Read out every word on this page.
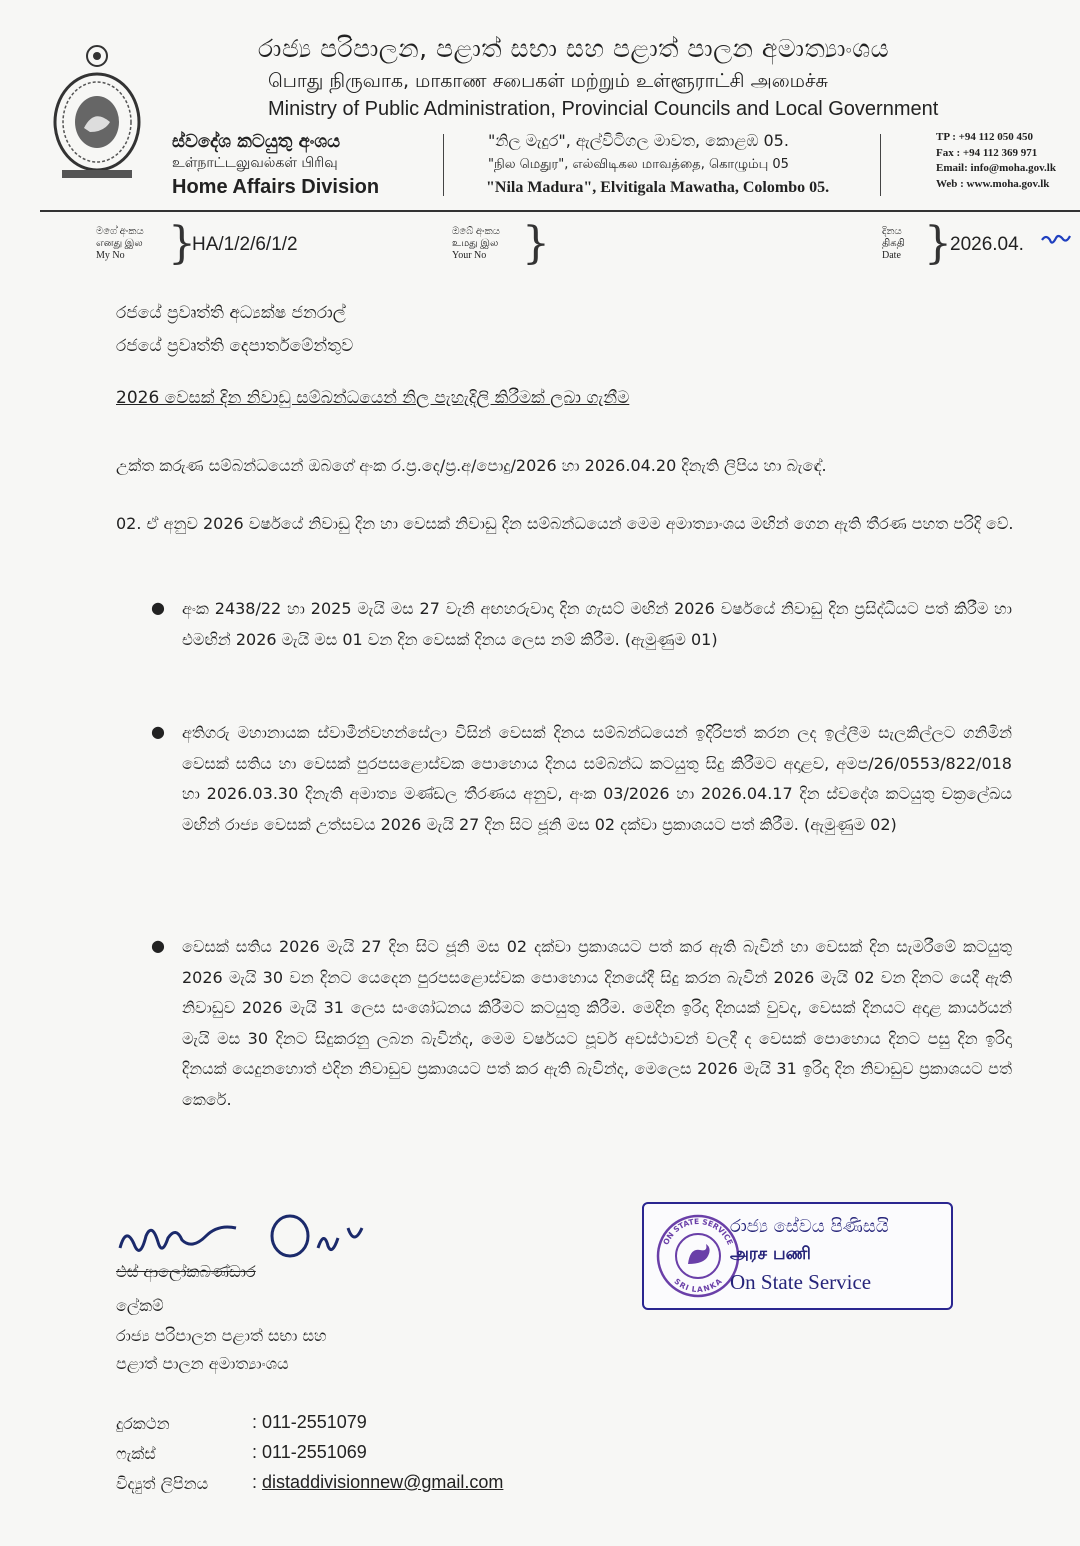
රාජ්‍ය පරිපාලන, පළාත් සභා සහ පළාත් පාලන අමාත්‍යාංශය
பொது நிருவாக, மாகாண சபைகள் மற்றும் உள்ளூராட்சி அமைச்சு
Ministry of Public Administration, Provincial Councils and Local Government
ස්වදේශ කටයුතු අංශය
உள்நாட்டலுவல்கள் பிரிவு
Home Affairs Division
"නිල මැදුර", ඇල්විටිගල මාවත, කොළඹ 05.
"நில மெதுர", எல்விடிகல மாவத்தை, கொழும்பு 05
"Nila Madura", Elvitigala Mawatha, Colombo 05.
TP : +94 112 050 450
Fax : +94 112 369 971
Email: info@moha.gov.lk
Web : www.moha.gov.lk
මගේ අංකය
எனது இல
My No }
HA/1/2/6/1/2
ඔබේ අංකය
உமது இல
Your No }	දිනය
திகதி
Date }
2026.04.
රජයේ ප්‍රවෘත්ති අධ්‍යක්ෂ ජනරාල්
රජයේ ප්‍රවෘත්ති දෙපාර්තමේන්තුව
2026 වෙසක් දින නිවාඩු සම්බන්ධයෙන් නිල පැහැදිලි කිරීමක් ලබා ගැනීම
උක්ත කරුණ සම්බන්ධයෙන් ඔබගේ අංක ර.ප්‍ර.දෙ/ප්‍ර.අ/පොදු/2026 හා 2026.04.20 දිනැති ලිපිය හා බැඳේ.
02. ඒ අනුව 2026 වර්ෂයේ නිවාඩු දින හා වෙසක් නිවාඩු දින සම්බන්ධයෙන් මෙම අමාත්‍යාංශය මඟින් ගෙන ඇති තීරණ පහත පරිදි වේ.
● අංක 2438/22 හා 2025 මැයි මස 27 වැනි අඟහරුවාදා දින ගැසට් මඟින් 2026 වර්ෂයේ නිවාඩු දින ප්‍රසිද්ධියට පත් කිරීම හා එමඟින් 2026 මැයි මස 01 වන දින වෙසක් දිනය ලෙස නම් කිරීම. (ඇමුණුම 01)
● අතිගරු මහානායක ස්වාමීන්වහන්සේලා විසින් වෙසක් දිනය සම්බන්ධයෙන් ඉදිරිපත් කරන ලද ඉල්ලීම සැලකිල්ලට ගනිමින් වෙසක් සතිය හා වෙසක් පුරපසළොස්වක පොහොය දිනය සම්බන්ධ කටයුතු සිදු කිරීමට අදාළව, අමප/26/0553/822/018 හා 2026.03.30 දිනැති අමාත්‍ය මණ්ඩල තීරණය අනුව, අංක 03/2026 හා 2026.04.17 දින ස්වදේශ කටයුතු චක්‍රලේඛය මඟින් රාජ්‍ය වෙසක් උත්සවය 2026 මැයි 27 දින සිට ජූනි මස 02 දක්වා ප්‍රකාශයට පත් කිරීම. (ඇමුණුම 02)
● වෙසක් සතිය 2026 මැයි 27 දින සිට ජූනි මස 02 දක්වා ප්‍රකාශයට පත් කර ඇති බැවින් හා වෙසක් දින සැමරීමේ කටයුතු 2026 මැයි 30 වන දිනට යෙදෙන පුරපසළොස්වක පොහොය දිනයේදී සිදු කරන බැවින් 2026 මැයි 02 වන දිනට යෙදී ඇති නිවාඩුව 2026 මැයි 31 ලෙස සංශෝධනය කිරීමට කටයුතු කිරීම. මෙදින ඉරිදා දිනයක් වුවද, වෙසක් දිනයට අදාළ කාර්යයන් මැයි මස 30 දිනට සිදුකරනු ලබන බැවින්ද, මෙම වර්ෂයට පූර්ව අවස්ථාවන් වලදී ද වෙසක් පොහොය දිනට පසු දින ඉරිදා දිනයක් යෙදුනහොත් එදින නිවාඩුව ප්‍රකාශයට පත් කර ඇති බැවින්ද, මෙලෙස 2026 මැයි 31 ඉරිදා දින නිවාඩුව ප්‍රකාශයට පත් කෙරේ.
එස් ආලෝකබණ්ඩාර
ලේකම්
රාජ්‍ය පරිපාලන පළාත් සභා සහ
පළාත් පාලන අමාත්‍යාංශය
ON STATE SERVICE
SRI LANKA
රාජ්‍ය සේවය පිණිසයි
அரச பணி
On State Service
දුරකථන	: 011-2551079
ෆැක්ස්	: 011-2551069
විද්‍යුත් ලිපිනය : distaddivisionnew@gmail.com
